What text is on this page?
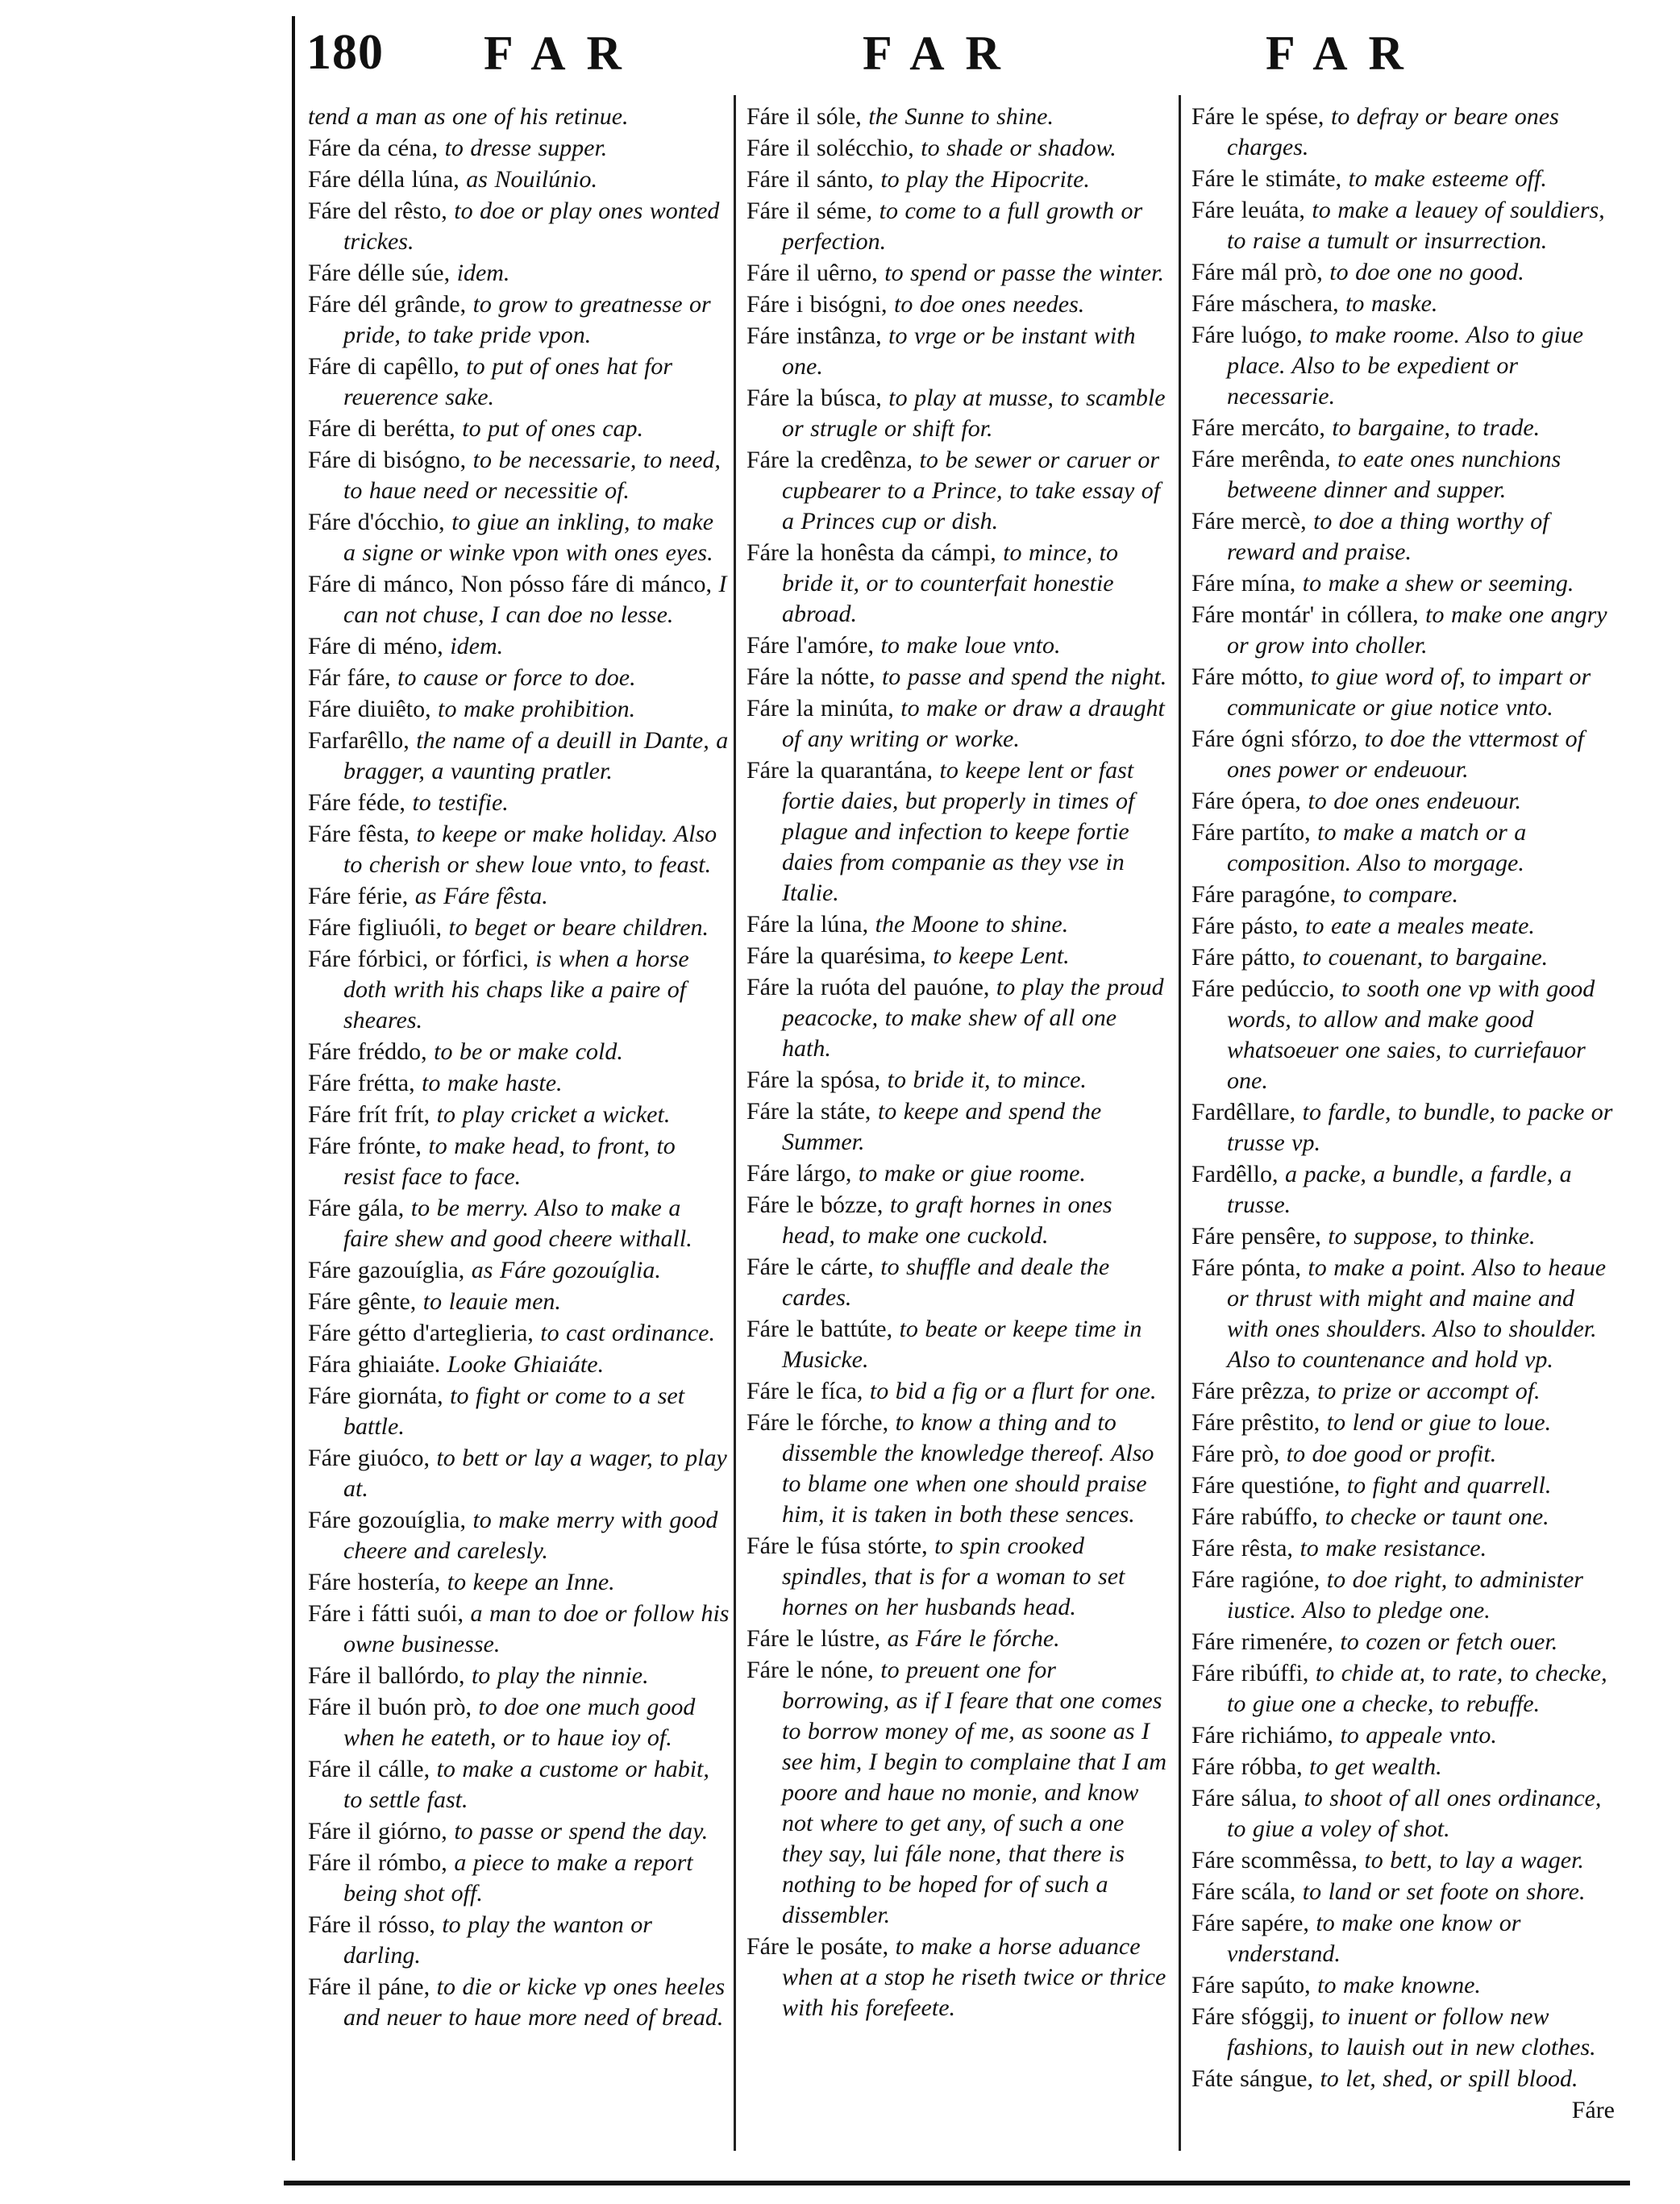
180 FAR	FAR	FAR

tend a man as one of his retinue.

Fáre da céna, to dresse supper.

Fáre délla lúna, as Nouilúnio.

Fáre del rêsto, to doe or play ones wonted trickes.

Fáre délle súe, idem.

Fáre dél grânde, to grow to greatnesse or pride, to take pride vpon.

Fáre di capêllo, to put of ones hat for reuerence sake.

Fáre di berétta, to put of ones cap.

Fáre di bisógno, to be necessarie, to need, to haue need or necessitie of.

Fáre d'ócchio, to giue an inkling, to make a signe or winke vpon with ones eyes.

Fáre di mánco, Non pósso fáre di mánco, I can not chuse, I can doe no lesse.

Fáre di méno, idem.

Fár fáre, to cause or force to doe.

Fáre diuiêto, to make prohibition.

Farfarêllo, the name of a deuill in Dante, a bragger, a vaunting pratler.

Fáre féde, to testifie.

Fáre fêsta, to keepe or make holiday. Also to cherish or shew loue vnto, to feast.

Fáre férie, as Fáre fêsta.

Fáre figliuóli, to beget or beare children.

Fáre fórbici, or fórfici, is when a horse doth writh his chaps like a paire of sheares.

Fáre fréddo, to be or make cold.

Fáre frétta, to make haste.

Fáre frít frít, to play cricket a wicket.

Fáre frónte, to make head, to front, to resist face to face.

Fáre gála, to be merry. Also to make a faire shew and good cheere withall.

Fáre gazouíglia, as Fáre gozouíglia.

Fáre gênte, to leauie men.

Fáre gétto d'arteglieria, to cast ordinance.

Fára ghiaiáte. Looke Ghiaiáte.

Fáre giornáta, to fight or come to a set battle.

Fáre giuóco, to bett or lay a wager, to play at.

Fáre gozouíglia, to make merry with good cheere and carelesly.

Fáre hostería, to keepe an Inne.

Fáre i fátti suói, a man to doe or follow his owne businesse.

Fáre il ballórdo, to play the ninnie.

Fáre il buón prò, to doe one much good when he eateth, or to haue ioy of.

Fáre il cálle, to make a custome or habit, to settle fast.

Fáre il giórno, to passe or spend the day.

Fáre il rómbo, a piece to make a report being shot off.

Fáre il rósso, to play the wanton or darling.

Fáre il páne, to die or kicke vp ones heeles and neuer to haue more need of bread.

Fáre il sóle, the Sunne to shine.

Fáre il solécchio, to shade or shadow.

Fáre il sánto, to play the Hipocrite.

Fáre il séme, to come to a full growth or perfection.

Fáre il uêrno, to spend or passe the winter.

Fáre i bisógni, to doe ones needes.

Fáre instânza, to vrge or be instant with one.

Fáre la búsca, to play at musse, to scamble or strugle or shift for.

Fáre la credênza, to be sewer or caruer or cupbearer to a Prince, to take essay of a Princes cup or dish.

Fáre la honêsta da cámpi, to mince, to bride it, or to counterfait honestie abroad.

Fáre l'amóre, to make loue vnto.

Fáre la nótte, to passe and spend the night.

Fáre la minúta, to make or draw a draught of any writing or worke.

Fáre la quarantána, to keepe lent or fast fortie daies, but properly in times of plague and infection to keepe fortie daies from companie as they vse in Italie.

Fáre la lúna, the Moone to shine.

Fáre la quarésima, to keepe Lent.

Fáre la ruóta del pauóne, to play the proud peacocke, to make shew of all one hath.

Fáre la spósa, to bride it, to mince.

Fáre la státe, to keepe and spend the Summer.

Fáre lárgo, to make or giue roome.

Fáre le bózze, to graft hornes in ones head, to make one cuckold.

Fáre le cárte, to shuffle and deale the cardes.

Fáre le battúte, to beate or keepe time in Musicke.

Fáre le fíca, to bid a fig or a flurt for one.

Fáre le fórche, to know a thing and to dissemble the knowledge thereof. Also to blame one when one should praise him, it is taken in both these sences.

Fáre le fúsa stórte, to spin crooked spindles, that is for a woman to set hornes on her husbands head.

Fáre le lústre, as Fáre le fórche.

Fáre le nóne, to preuent one for borrowing, as if I feare that one comes to borrow money of me, as soone as I see him, I begin to complaine that I am poore and haue no monie, and know not where to get any, of such a one they say, lui fále none, that there is nothing to be hoped for of such a dissembler.

Fáre le posáte, to make a horse aduance when at a stop he riseth twice or thrice with his forefeete.

Fáre le spése, to defray or beare ones charges.

Fáre le stimáte, to make esteeme off.

Fáre leuáta, to make a leauey of souldiers, to raise a tumult or insurrection.

Fáre mál prò, to doe one no good.

Fáre máschera, to maske.

Fáre luógo, to make roome. Also to giue place. Also to be expedient or necessarie.

Fáre mercáto, to bargaine, to trade.

Fáre merênda, to eate ones nunchions betweene dinner and supper.

Fáre mercè, to doe a thing worthy of reward and praise.

Fáre mína, to make a shew or seeming.

Fáre montár' in cóllera, to make one angry or grow into choller.

Fáre mótto, to giue word of, to impart or communicate or giue notice vnto.

Fáre ógni sfórzo, to doe the vttermost of ones power or endeuour.

Fáre ópera, to doe ones endeuour.

Fáre partíto, to make a match or a composition. Also to morgage.

Fáre paragóne, to compare.

Fáre pásto, to eate a meales meate.

Fáre pátto, to couenant, to bargaine.

Fáre pedúccio, to sooth one vp with good words, to allow and make good whatsoeuer one saies, to curriefauor one.

Fardêllare, to fardle, to bundle, to packe or trusse vp.

Fardêllo, a packe, a bundle, a fardle, a trusse.

Fáre pensêre, to suppose, to thinke.

Fáre pónta, to make a point. Also to heaue or thrust with might and maine and with ones shoulders. Also to shoulder. Also to countenance and hold vp.

Fáre prêzza, to prize or accompt of.

Fáre prêstito, to lend or giue to loue.

Fáre prò, to doe good or profit.

Fáre questióne, to fight and quarrell.

Fáre rabúffo, to checke or taunt one.

Fáre rêsta, to make resistance.

Fáre ragióne, to doe right, to administer iustice. Also to pledge one.

Fáre rimenére, to cozen or fetch ouer.

Fáre ribúffi, to chide at, to rate, to checke, to giue one a checke, to rebuffe.

Fáre richiámo, to appeale vnto.

Fáre róbba, to get wealth.

Fáre sálua, to shoot of all ones ordinance, to giue a voley of shot.

Fáre scommêssa, to bett, to lay a wager.

Fáre scála, to land or set foote on shore.

Fáre sapére, to make one know or vnderstand.

Fáre sapúto, to make knowne.

Fáre sfóggij, to inuent or follow new fashions, to lauish out in new clothes.

Fáte sángue, to let, shed, or spill blood.

Fáre
